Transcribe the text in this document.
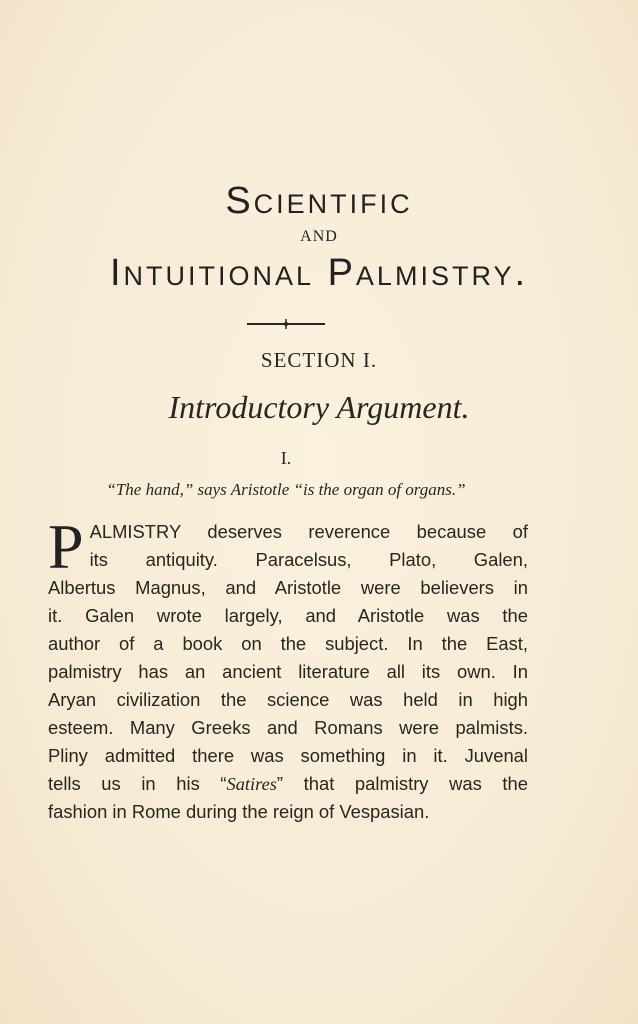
Scientific
AND
Intuitional Palmistry.
SECTION I.
Introductory Argument.
I.
“The hand,” says Aristotle “is the organ of organs.”
P ALMISTRY deserves reverence because of
its antiquity. Paracelsus, Plato, Galen,
Albertus Magnus, and Aristotle were believers in
it. Galen wrote largely, and Aristotle was the
author of a book on the subject. In the East,
palmistry has an ancient literature all its own. In
Aryan civilization the science was held in high
esteem. Many Greeks and Romans were palmists.
Pliny admitted there was something in it. Juvenal
tells us in his “Satires” that palmistry was the
fashion in Rome during the reign of Vespasian.
